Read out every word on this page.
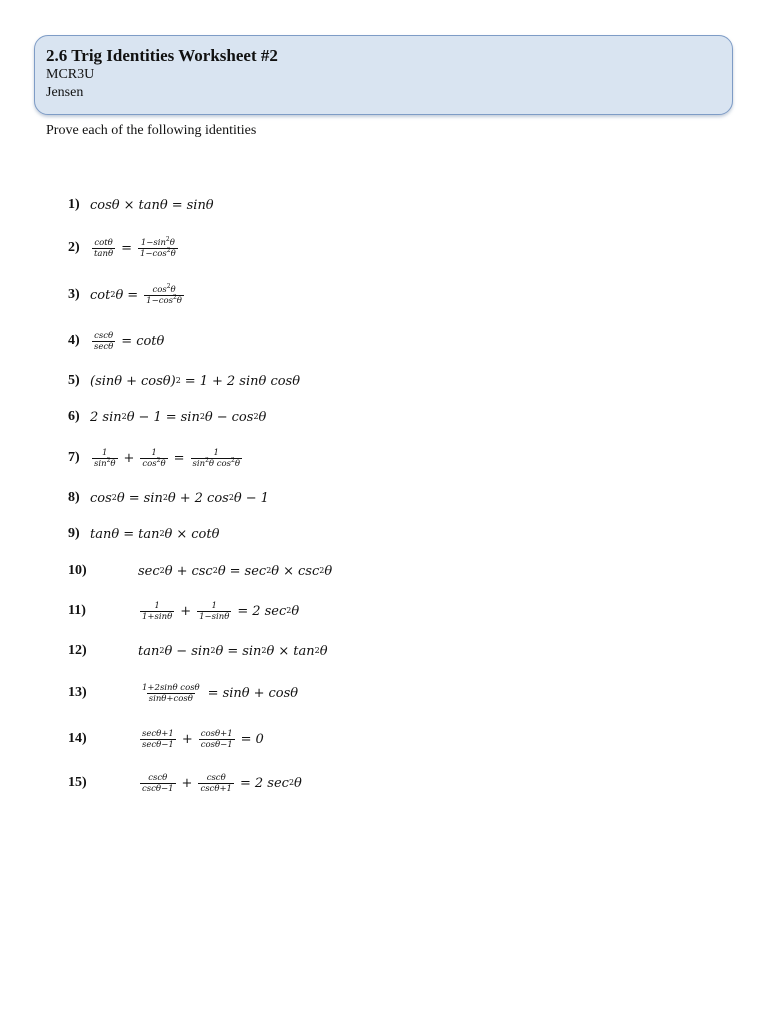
2.6 Trig Identities Worksheet #2
MCR3U
Jensen
Prove each of the following identities
1) cosθ × tanθ = sinθ
2)	$\frac{\cot\theta}{\tan\theta} = \frac{1-\sin^2\theta}{1-\cos^2\theta}$
3) cot 2 $\theta = \frac{\cos^2\theta}{1-\cos^2\theta}$
4)	$\frac{\csc\theta}{\sec\theta} = \cot\theta$
5) (sinθ + cosθ) 2 = 1 + 2 sinθ cosθ
6) 2 sin 2 θ − 1 = sin 2 θ − cos 2 θ
7)	$\frac{1}{\sin^2\theta} + \frac{1}{\cos^2\theta} = \frac{1}{\sin^2\theta \cos^2\theta}$
8) cos 2 θ = sin 2 θ + 2 cos 2 θ − 1
9) tanθ = tan 2 θ × cotθ
10)	sec 2 θ + csc 2 θ = sec 2 θ × csc 2 θ
11)	$\frac{1}{1+\sin\theta} + \frac{1}{1-\sin\theta} = 2$ sec 2 θ
12)	tan 2 θ − sin 2 θ = sin 2 θ × tan 2 θ
13)	$\frac{\text{1+2sinθ cosθ}}{\sin\theta+\cos\theta} = \sin\theta + \cos\theta$
14)	$\frac{\sec\theta+1}{\sec\theta-1} + \frac{\cos\theta+1}{\cos\theta-1} = 0$
15)	$\frac{\csc\theta}{\csc\theta-1} + \frac{\csc\theta}{\csc\theta+1} = 2$ sec 2 θ
